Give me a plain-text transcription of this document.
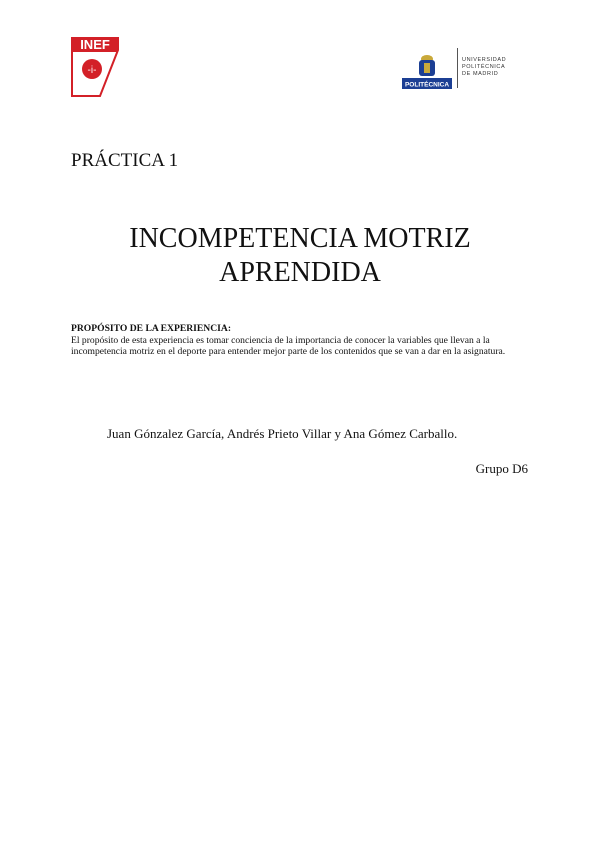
INEF
-i-
POLITÉCNICA
UNIVERSIDAD
POLITÉCNICA
DE MADRID
PRÁCTICA 1
INCOMPETENCIA MOTRIZ
APRENDIDA
PROPÓSITO DE LA EXPERIENCIA:
El propósito de esta experiencia es tomar conciencia de la importancia de conocer la variables que llevan a la incompetencia motriz en el deporte para entender mejor parte de los contenidos que se van a dar en la asignatura.
Juan Gónzalez García, Andrés Prieto Villar y Ana Gómez Carballo.
Grupo D6
